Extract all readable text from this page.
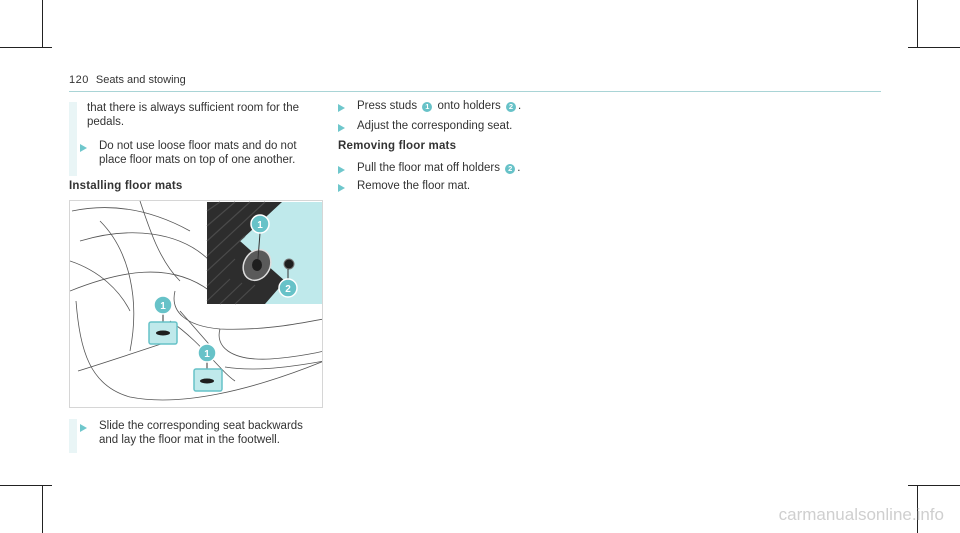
120 Seats and stowing
that there is always sufficient room for the pedals.
Do not use loose floor mats and do not place floor mats on top of one another.
Installing floor mats
1
2
1
1
Slide the corresponding seat backwards and lay the floor mat in the footwell.
Press studs 1 onto holders 2 .
Adjust the corresponding seat.
Removing floor mats
Pull the floor mat off holders 2 .
Remove the floor mat.
carmanualsonline.info
